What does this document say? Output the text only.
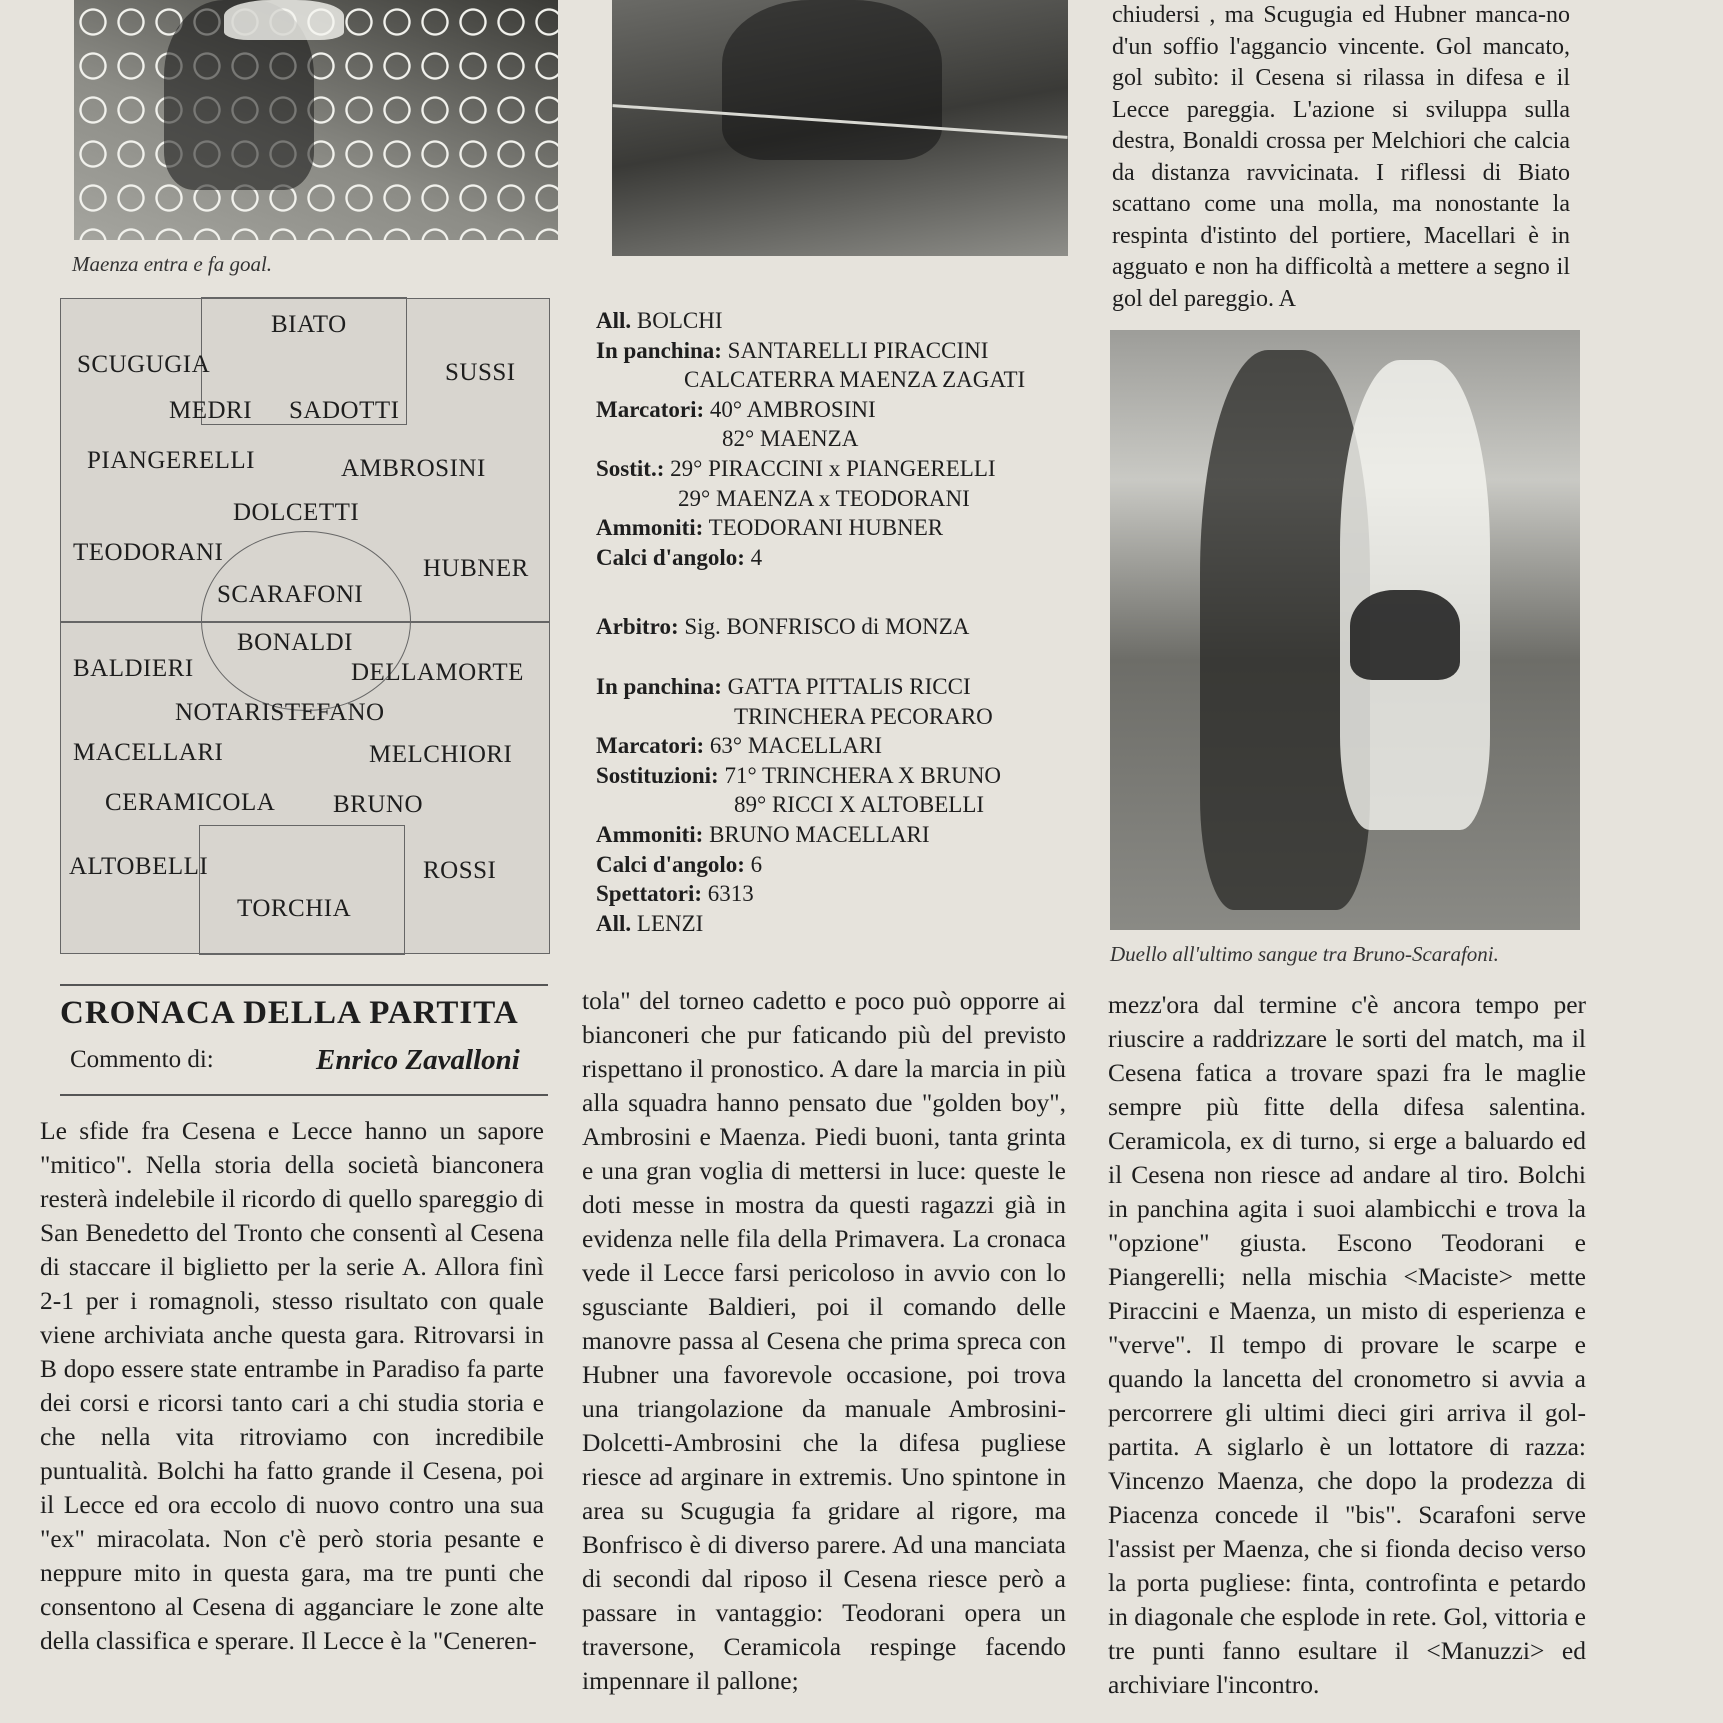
Maenza entra e fa goal.
Duello all'ultimo sangue tra Bruno-Scarafoni.
BIATO
SCUGUGIA	SUSSI
MEDRI SADOTTI
PIANGERELLI	AMBROSINI
DOLCETTI
TEODORANI
HUBNER
SCARAFONI
BONALDI
BALDIERI	DELLAMORTE
NOTARISTEFANO
MACELLARI	MELCHIORI
CERAMICOLA BRUNO
ALTOBELLI	ROSSI
TORCHIA
All. BOLCHI
In panchina: SANTARELLI PIRACCINI
CALCATERRA MAENZA ZAGATI
Marcatori: 40° AMBROSINI
82° MAENZA
Sostit.: 29° PIRACCINI x PIANGERELLI
29° MAENZA x TEODORANI
Ammoniti: TEODORANI HUBNER
Calci d'angolo: 4
Arbitro: Sig. BONFRISCO di MONZA
In panchina: GATTA PITTALIS RICCI
TRINCHERA PECORARO
Marcatori: 63° MACELLARI
Sostituzioni: 71° TRINCHERA X BRUNO
89° RICCI X ALTOBELLI
Ammoniti: BRUNO MACELLARI
Calci d'angolo: 6
Spettatori: 6313
All. LENZI

chiudersi , ma Scugugia ed Hubner manca-no d'un soffio l'aggancio vincente. Gol mancato, gol subìto: il Cesena si rilassa in difesa e il Lecce pareggia. L'azione si sviluppa sulla destra, Bonaldi crossa per Melchiori che calcia da distanza ravvicinata. I riflessi di Biato scattano come una molla, ma nonostante la respinta d'istinto del portiere, Macellari è in agguato e non ha difficoltà a mettere a segno il gol del pareggio. A

CRONACA DELLA PARTITA
Commento di:	Enrico Zavalloni

Le sfide fra Cesena e Lecce hanno un sapore "mitico". Nella storia della società bianconera resterà indelebile il ricordo di quello spareggio di San Benedetto del Tronto che consentì al Cesena di staccare il biglietto per la serie A. Allora finì 2-1 per i romagnoli, stesso risultato con quale viene archiviata anche questa gara. Ritrovarsi in B dopo essere state entrambe in Paradiso fa parte dei corsi e ricorsi tanto cari a chi studia storia e che nella vita ritroviamo con incredibile puntualità. Bolchi ha fatto grande il Cesena, poi il Lecce ed ora eccolo di nuovo contro una sua "ex" miracolata. Non c'è però storia pesante e neppure mito in questa gara, ma tre punti che consentono al Cesena di agganciare le zone alte della classifica e sperare. Il Lecce è la "Ceneren-

tola" del torneo cadetto e poco può opporre ai bianconeri che pur faticando più del previsto rispettano il pronostico. A dare la marcia in più alla squadra hanno pensato due "golden boy", Ambrosini e Maenza. Piedi buoni, tanta grinta e una gran voglia di mettersi in luce: queste le doti messe in mostra da questi ragazzi già in evidenza nelle fila della Primavera. La cronaca vede il Lecce farsi pericoloso in avvio con lo sgusciante Baldieri, poi il comando delle manovre passa al Cesena che prima spreca con Hubner una favorevole occasione, poi trova una triangolazione da manuale Ambrosini-Dolcetti-Ambrosini che la difesa pugliese riesce ad arginare in extremis. Uno spintone in area su Scugugia fa gridare al rigore, ma Bonfrisco è di diverso parere. Ad una manciata di secondi dal riposo il Cesena riesce però a passare in vantaggio: Teodorani opera un traversone, Ceramicola respinge facendo impennare il pallone;

mezz'ora dal termine c'è ancora tempo per riuscire a raddrizzare le sorti del match, ma il Cesena fatica a trovare spazi fra le maglie sempre più fitte della difesa salentina. Ceramicola, ex di turno, si erge a baluardo ed il Cesena non riesce ad andare al tiro. Bolchi in panchina agita i suoi alambicchi e trova la "opzione" giusta. Escono Teodorani e Piangerelli; nella mischia <Maciste> mette Piraccini e Maenza, un misto di esperienza e "verve". Il tempo di provare le scarpe e quando la lancetta del cronometro si avvia a percorrere gli ultimi dieci giri arriva il gol-partita. A siglarlo è un lottatore di razza: Vincenzo Maenza, che dopo la prodezza di Piacenza concede il "bis". Scarafoni serve l'assist per Maenza, che si fionda deciso verso la porta pugliese: finta, controfinta e petardo in diagonale che esplode in rete. Gol, vittoria e tre punti fanno esultare il <Manuzzi> ed archiviare l'incontro.
